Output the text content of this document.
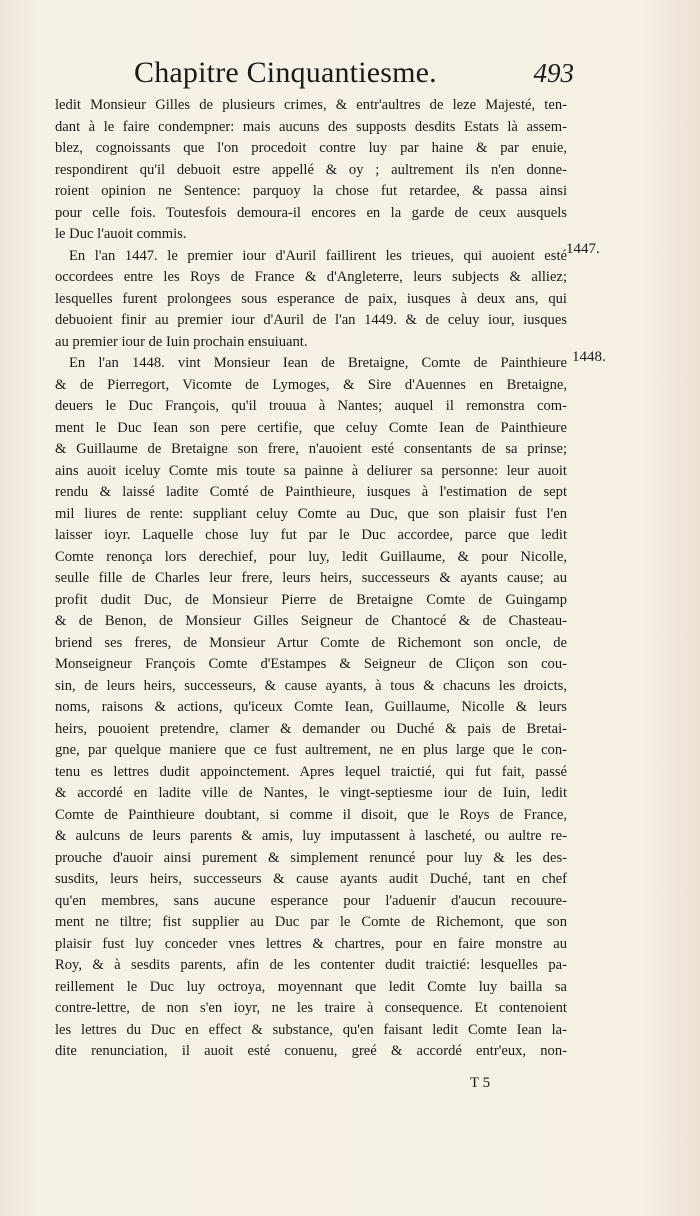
Chapitre Cinquantiesme.	493
ledit Monsieur Gilles de plusieurs crimes, & entr'aultres de leze Majesté, ten-
dant à le faire condempner: mais aucuns des supposts desdits Estats là assem-
blez, cognoissants que l'on procedoit contre luy par haine & par enuie,
respondirent qu'il debuoit estre appellé & oy ; aultrement ils n'en donne-
roient opinion ne Sentence: parquoy la chose fut retardee, & passa ainsi
pour celle fois. Toutesfois demoura-il encores en la garde de ceux ausquels
le Duc l'auoit commis.
En l'an 1447. le premier iour d'Auril faillirent les trieues, qui auoient esté
occordees entre les Roys de France & d'Angleterre, leurs subjects & alliez;
lesquelles furent prolongees sous esperance de paix, iusques à deux ans, qui
debuoient finir au premier iour d'Auril de l'an 1449. & de celuy iour, iusques
au premier iour de Iuin prochain ensuiuant.
En l'an 1448. vint Monsieur Iean de Bretaigne, Comte de Painthieure
& de Pierregort, Vicomte de Lymoges, & Sire d'Auennes en Bretaigne,
deuers le Duc François, qu'il trouua à Nantes; auquel il remonstra com-
ment le Duc Iean son pere certifie, que celuy Comte Iean de Painthieure
& Guillaume de Bretaigne son frere, n'auoient esté consentants de sa prinse;
ains auoit iceluy Comte mis toute sa painne à deliurer sa personne: leur auoit
rendu & laissé ladite Comté de Painthieure, iusques à l'estimation de sept
mil liures de rente: suppliant celuy Comte au Duc, que son plaisir fust l'en
laisser ioyr. Laquelle chose luy fut par le Duc accordee, parce que ledit
Comte renonça lors derechief, pour luy, ledit Guillaume, & pour Nicolle,
seulle fille de Charles leur frere, leurs heirs, successeurs & ayants cause; au
profit dudit Duc, de Monsieur Pierre de Bretaigne Comte de Guingamp
& de Benon, de Monsieur Gilles Seigneur de Chantocé & de Chasteau-
briend ses freres, de Monsieur Artur Comte de Richemont son oncle, de
Monseigneur François Comte d'Estampes & Seigneur de Cliçon son cou-
sin, de leurs heirs, successeurs, & cause ayants, à tous & chacuns les droicts,
noms, raisons & actions, qu'iceux Comte Iean, Guillaume, Nicolle & leurs
heirs, pouoient pretendre, clamer & demander ou Duché & pais de Bretai-
gne, par quelque maniere que ce fust aultrement, ne en plus large que le con-
tenu es lettres dudit appoinctement. Apres lequel traictié, qui fut fait, passé
& accordé en ladite ville de Nantes, le vingt-septiesme iour de Iuin, ledit
Comte de Painthieure doubtant, si comme il disoit, que le Roys de France,
& aulcuns de leurs parents & amis, luy imputassent à lascheté, ou aultre re-
prouche d'auoir ainsi purement & simplement renuncé pour luy & les des-
susdits, leurs heirs, successeurs & cause ayants audit Duché, tant en chef
qu'en membres, sans aucune esperance pour l'aduenir d'aucun recouure-
ment ne tiltre; fist supplier au Duc par le Comte de Richemont, que son
plaisir fust luy conceder vnes lettres & chartres, pour en faire monstre au
Roy, & à sesdits parents, afin de les contenter dudit traictié: lesquelles pa-
reillement le Duc luy octroya, moyennant que ledit Comte luy bailla sa
contre-lettre, de non s'en ioyr, ne les traire à consequence. Et contenoient
les lettres du Duc en effect & substance, qu'en faisant ledit Comte Iean la-
dite renunciation, il auoit esté conuenu, greé & accordé entr'eux, non-
1447.
1448.
T 5
